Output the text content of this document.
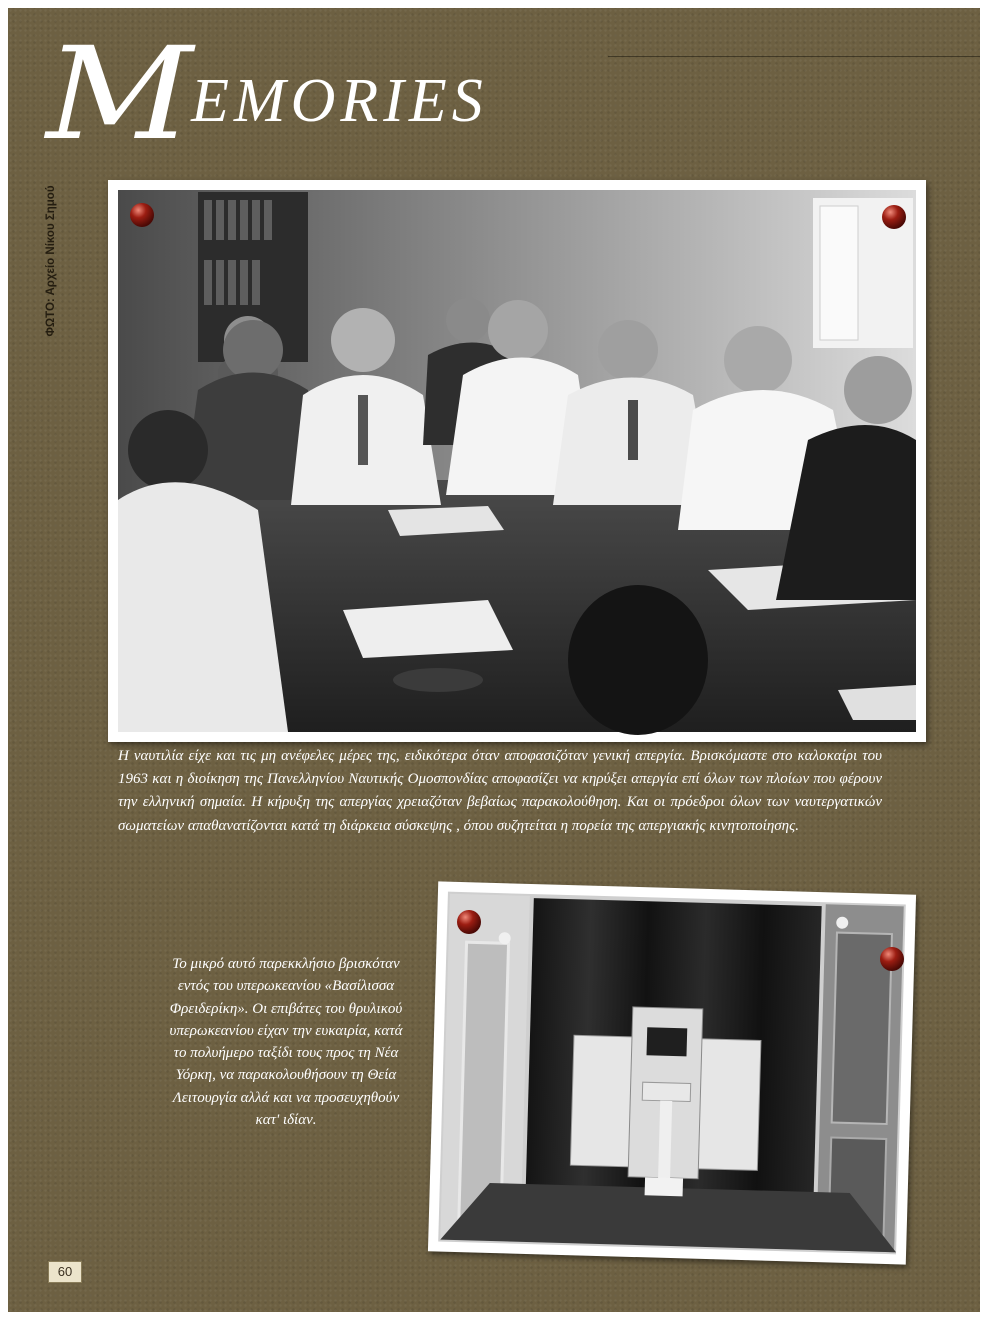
MEMORIES
ΦΩΤΟ: Αρχείο Νίκου Σημού

Η ναυτιλία είχε και τις μη ανέφελες μέρες της, ειδικότερα όταν αποφασιζόταν γενική απεργία. Βρισκόμαστε στο καλοκαίρι του 1963 και η διοίκηση της Πανελληνίου Ναυτικής Ομοσπονδίας αποφασίζει να κηρύξει απεργία επί όλων των πλοίων που φέρουν την ελληνική σημαία. Η κήρυξη της απεργίας χρειαζόταν βεβαίως παρακολούθηση. Και οι πρόεδροι όλων των ναυτεργατικών σωματείων απαθανατίζονται κατά τη διάρκεια σύσκεψης , όπου συζητείται η πορεία της απεργιακής κινητοποίησης.

Το μικρό αυτό παρεκκλήσιο βρισκόταν εντός του υπερωκεανίου «Βασίλισσα Φρειδερίκη». Οι επιβάτες του θρυλικού υπερωκεανίου είχαν την ευκαιρία, κατά το πολυήμερο ταξίδι τους προς τη Νέα Υόρκη, να παρακολουθήσουν τη Θεία Λειτουργία αλλά και να προσευχηθούν κατ' ιδίαν.

60
